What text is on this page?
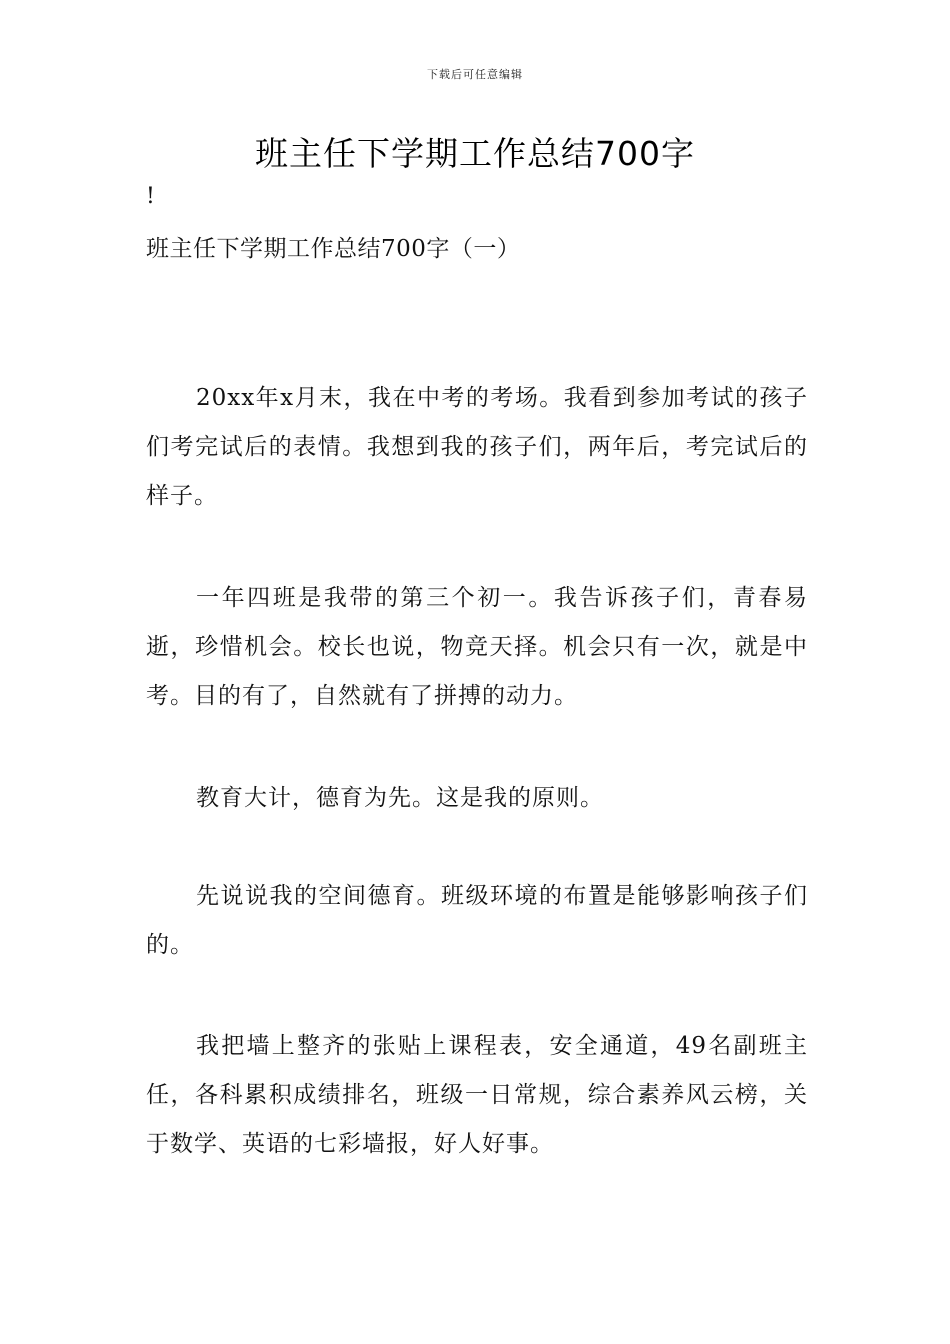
下载后可任意编辑
班主任下学期工作总结700字
!
班主任下学期工作总结700字（一）

20xx年x月末，我在中考的考场。我看到参加考试的孩子们考完试后的表情。我想到我的孩子们，两年后，考完试后的样子。

一年四班是我带的第三个初一。我告诉孩子们，青春易逝，珍惜机会。校长也说，物竞天择。机会只有一次，就是中考。目的有了，自然就有了拼搏的动力。

教育大计，德育为先。这是我的原则。

先说说我的空间德育。班级环境的布置是能够影响孩子们的。

我把墙上整齐的张贴上课程表，安全通道，49名副班主任，各科累积成绩排名，班级一日常规，综合素养风云榜，关于数学、英语的七彩墙报，好人好事。
